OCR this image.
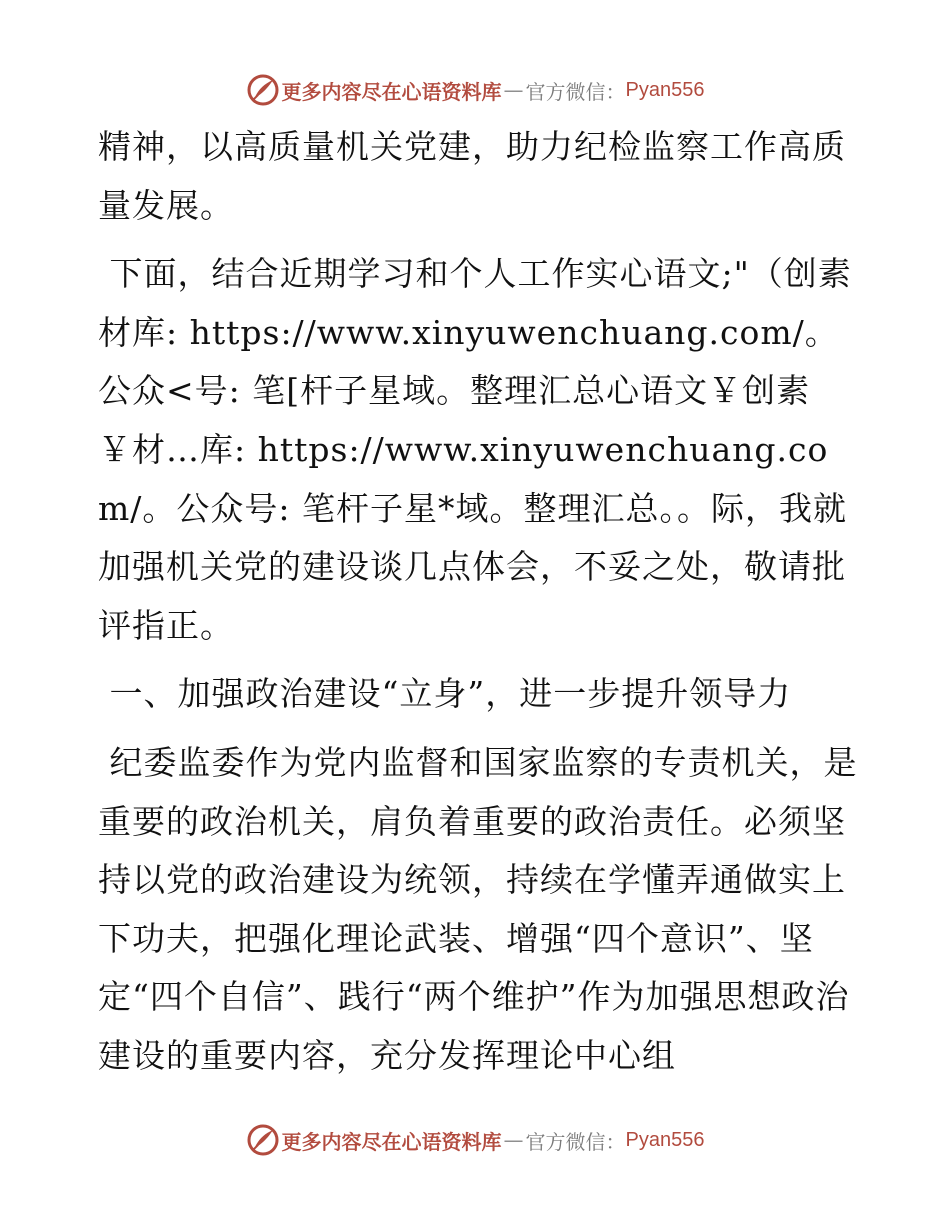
更多内容尽在心语资料库 — 官方微信： Pyan556

精神，以高质量机关党建，助力纪检监察工作高质量发展。

下面，结合近期学习和个人工作实心语文;"（创素材库: https://www.xinyuwenchuang.com/。公众<号: 笔[杆子星域。整理汇总心语文￥创素￥材…库: https://www.xinyuwenchuang.com/。公众号: 笔杆子星*域。整理汇总。。际，我就加强机关党的建设谈几点体会，不妥之处，敬请批评指正。

一、加强政治建设“立身”，进一步提升领导力

纪委监委作为党内监督和国家监察的专责机关，是重要的政治机关，肩负着重要的政治责任。必须坚持以党的政治建设为统领，持续在学懂弄通做实上下功夫，把强化理论武装、增强“四个意识”、坚定“四个自信”、践行“两个维护”作为加强思想政治建设的重要内容，充分发挥理论中心组

更多内容尽在心语资料库 — 官方微信： Pyan556
